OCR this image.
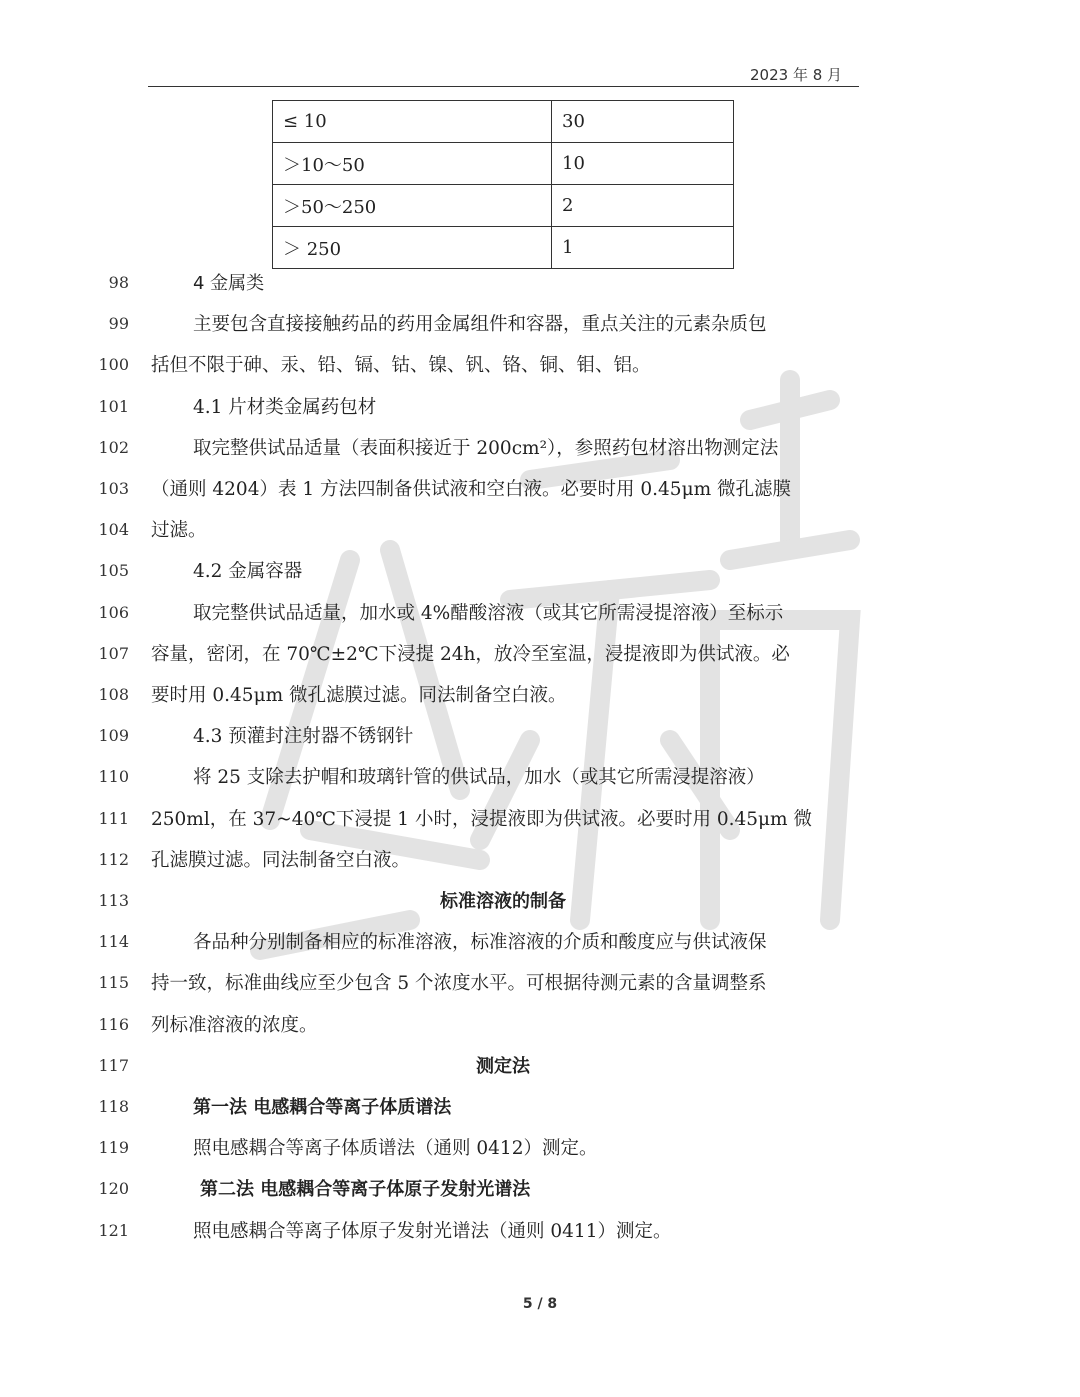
2023 年 8 月
≤ 10	30
＞10～50	10
＞50～250	2
＞ 250	1
98	4 金属类
99	主要包含直接接触药品的药用金属组件和容器，重点关注的元素杂质包
100 括但不限于砷、汞、铅、镉、钴、镍、钒、铬、铜、钼、铝。
101	4.1 片材类金属药包材
102	取完整供试品适量（表面积接近于 200cm²），参照药包材溶出物测定法
103 （通则 4204）表 1 方法四制备供试液和空白液。必要时用 0.45μm 微孔滤膜
104 过滤。
105	4.2 金属容器
106	取完整供试品适量，加水或 4%醋酸溶液（或其它所需浸提溶液）至标示
107 容量，密闭，在 70℃±2℃下浸提 24h，放冷至室温，浸提液即为供试液。必
108 要时用 0.45μm 微孔滤膜过滤。同法制备空白液。
109	4.3 预灌封注射器不锈钢针
110	将 25 支除去护帽和玻璃针管的供试品，加水（或其它所需浸提溶液）
111 250ml，在 37~40℃下浸提 1 小时，浸提液即为供试液。必要时用 0.45μm 微
112 孔滤膜过滤。同法制备空白液。
113	标准溶液的制备
114	各品种分别制备相应的标准溶液，标准溶液的介质和酸度应与供试液保
115 持一致，标准曲线应至少包含 5 个浓度水平。可根据待测元素的含量调整系
116 列标准溶液的浓度。
117	测定法
118	第一法 电感耦合等离子体质谱法
119	照电感耦合等离子体质谱法（通则 0412）测定。
120	第二法 电感耦合等离子体原子发射光谱法
121	照电感耦合等离子体原子发射光谱法（通则 0411）测定。
5 / 8
